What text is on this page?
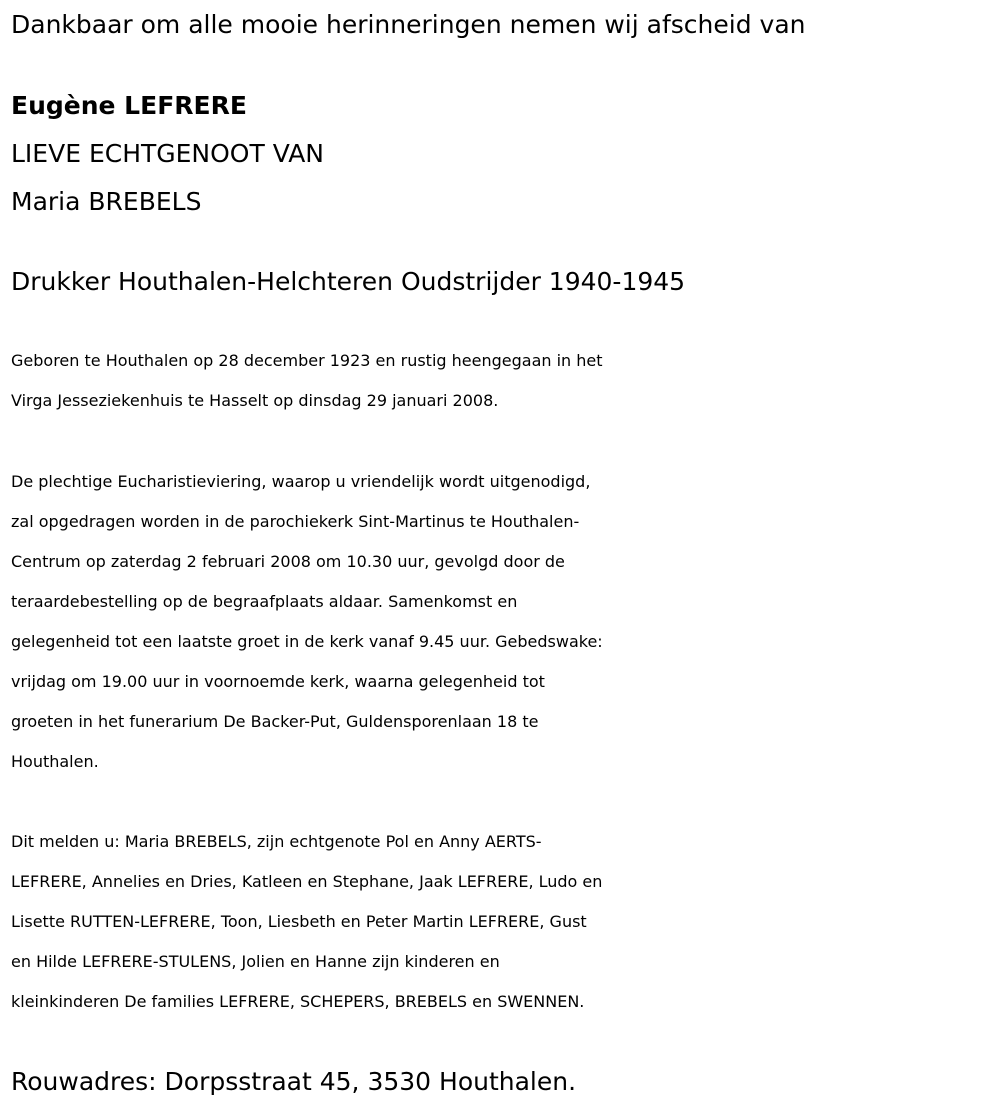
Dankbaar om alle mooie herinneringen nemen wij afscheid van
Eugène LEFRERE
LIEVE ECHTGENOOT VAN
Maria BREBELS
Drukker Houthalen-Helchteren Oudstrijder 1940-1945
Geboren te Houthalen op 28 december 1923 en rustig heengegaan in het
Virga Jesseziekenhuis te Hasselt op dinsdag 29 januari 2008.
De plechtige Eucharistieviering, waarop u vriendelijk wordt uitgenodigd,
zal opgedragen worden in de parochiekerk Sint-Martinus te Houthalen-
Centrum op zaterdag 2 februari 2008 om 10.30 uur, gevolgd door de
teraardebestelling op de begraafplaats aldaar. Samenkomst en
gelegenheid tot een laatste groet in de kerk vanaf 9.45 uur. Gebedswake:
vrijdag om 19.00 uur in voornoemde kerk, waarna gelegenheid tot
groeten in het funerarium De Backer-Put, Guldensporenlaan 18 te
Houthalen.
Dit melden u: Maria BREBELS, zijn echtgenote Pol en Anny AERTS-
LEFRERE, Annelies en Dries, Katleen en Stephane, Jaak LEFRERE, Ludo en
Lisette RUTTEN-LEFRERE, Toon, Liesbeth en Peter Martin LEFRERE, Gust
en Hilde LEFRERE-STULENS, Jolien en Hanne zijn kinderen en
kleinkinderen De families LEFRERE, SCHEPERS, BREBELS en SWENNEN.
Rouwadres: Dorpsstraat 45, 3530 Houthalen.
